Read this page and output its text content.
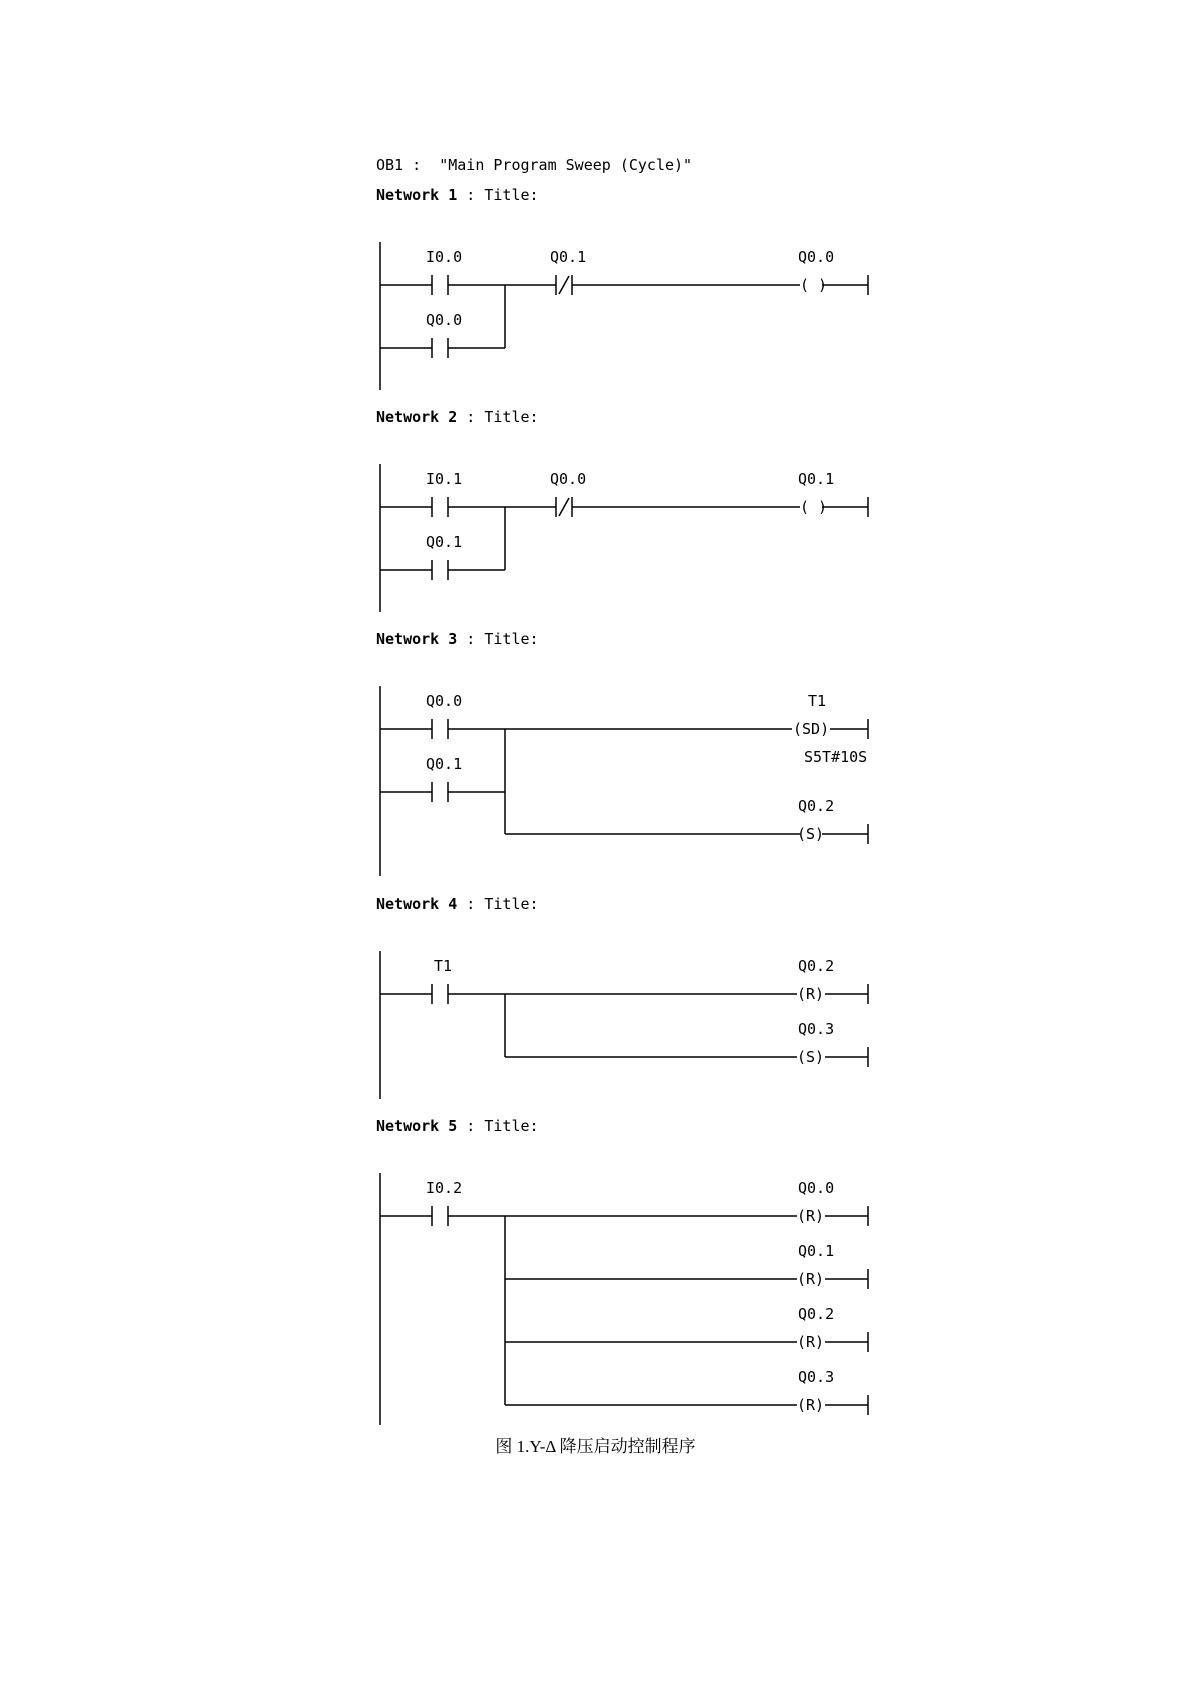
OB1 :  "Main Program Sweep (Cycle)"
Network 1 : Title:
Network 2 : Title:
Network 3 : Title:
Network 4 : Title:
Network 5 : Title:
I0.0
Q0.0
Q0.1	Q0.0
( )
I0.1
Q0.1
Q0.0	Q0.1
( )
Q0.0
Q0.1
T1
(SD)
S5T#10S
Q0.2
(S)
T1	Q0.2
(R)
Q0.3
(S)
I0.2	Q0.0
(R)
Q0.1
(R)
Q0.2
(R)
Q0.3
(R)
图 1.Y-Δ 降压启动控制程序
